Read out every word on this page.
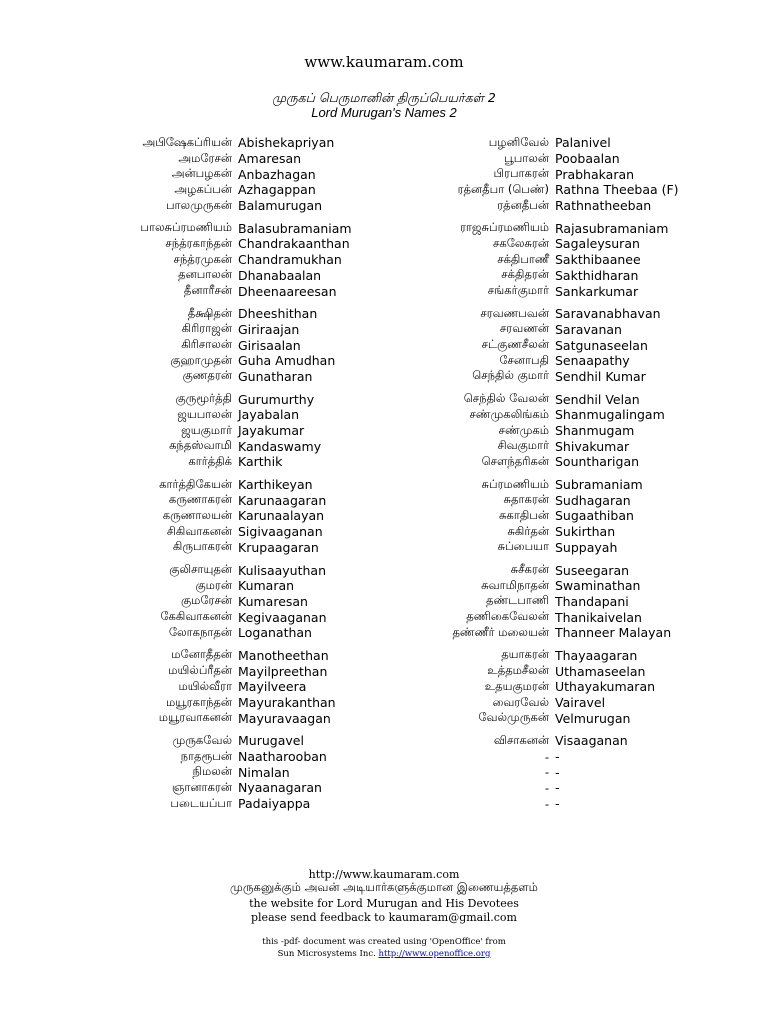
www.kaumaram.com
முருகப் பெருமானின் திருப்பெயர்கள் 2
Lord Murugan's Names 2
அபிஷேகப்ரியன் Abishekapriyan
அமரேசன் Amaresan
அன்பழகன் Anbazhagan
அழகப்பன் Azhagappan
பாலமுருகன் Balamurugan
பாலசுப்ரமணியம் Balasubramaniam
சந்த்ரகாந்தன் Chandrakaanthan
சந்த்ரமுகன் Chandramukhan
தனபாலன் Dhanabaalan
தீனாரீசன் Dheenaareesan
தீக்ஷிதன் Dheeshithan
கிரிராஜன் Giriraajan
கிரிசாலன் Girisaalan
குஹாமுதன் Guha Amudhan
குணதரன் Gunatharan
குருமூர்த்தி Gurumurthy
ஜயபாலன் Jayabalan
ஜயகுமார் Jayakumar
கந்தஸ்வாமி Kandaswamy
கார்த்திக் Karthik
கார்த்திகேயன் Karthikeyan
கருணாகரன் Karunaagaran
கருணாலயன் Karunaalayan
சிகிவாகனன் Sigivaaganan
கிருபாகரன் Krupaagaran
குலிசாயுதன் Kulisaayuthan
குமரன் Kumaran
குமரேசன் Kumaresan
கேகிவாகனன் Kegivaaganan
லோகநாதன் Loganathan
மனோதீதன் Manotheethan
மயில்ப்ரீதன் Mayilpreethan
மயில்வீரா Mayilveera
மயூரகாந்தன் Mayurakanthan
மயூரவாகனன் Mayuravaagan
முருகவேல் Murugavel
நாதரூபன் Naatharooban
நிமலன் Nimalan
ஞானாகரன் Nyaanagaran
படையப்பா Padaiyappa
பழனிவேல் Palanivel
பூபாலன் Poobaalan
பிரபாகரன் Prabhakaran
ரத்னதீபா (பெண்) Rathna Theebaa (F)
ரத்னதீபன் Rathnatheeban
ராஜசுப்ரமணியம் Rajasubramaniam
சகலேசுரன் Sagaleysuran
சக்திபாணீ Sakthibaanee
சக்திதரன் Sakthidharan
சங்கர்குமார் Sankarkumar
சரவணபவன் Saravanabhavan
சரவணன் Saravanan
சட்குணசீலன் Satgunaseelan
சேனாபதி Senaapathy
செந்தில் குமார் Sendhil Kumar
செந்தில் வேலன் Sendhil Velan
சண்முகலிங்கம் Shanmugalingam
சண்முகம் Shanmugam
சிவகுமார் Shivakumar
சௌந்தரிகன் Sountharigan
சுப்ரமணியம் Subramaniam
சுதாகரன் Sudhagaran
சுகாதிபன் Sugaathiban
சுகிர்தன் Sukirthan
சுப்பையா Suppayah
சுசீகரன் Suseegaran
சுவாமிநாதன் Swaminathan
தண்டபாணி Thandapani
தணிகைவேலன் Thanikaivelan
தண்ணீர் மலையன் Thanneer Malayan
தயாகரன் Thayaagaran
உத்தமசீலன் Uthamaseelan
உதயகுமரன் Uthayakumaran
வைரவேல் Vairavel
வேல்முருகன் Velmurugan
விசாகனன் Visaaganan
- -
- -
- -
- -
http://www.kaumaram.com
முருகனுக்கும் அவன் அடியார்களுக்குமான இணையத்தளம்
the website for Lord Murugan and His Devotees
please send feedback to kaumaram@gmail.com
this -pdf- document was created using 'OpenOffice' from
Sun Microsystems Inc. http://www.openoffice.org
